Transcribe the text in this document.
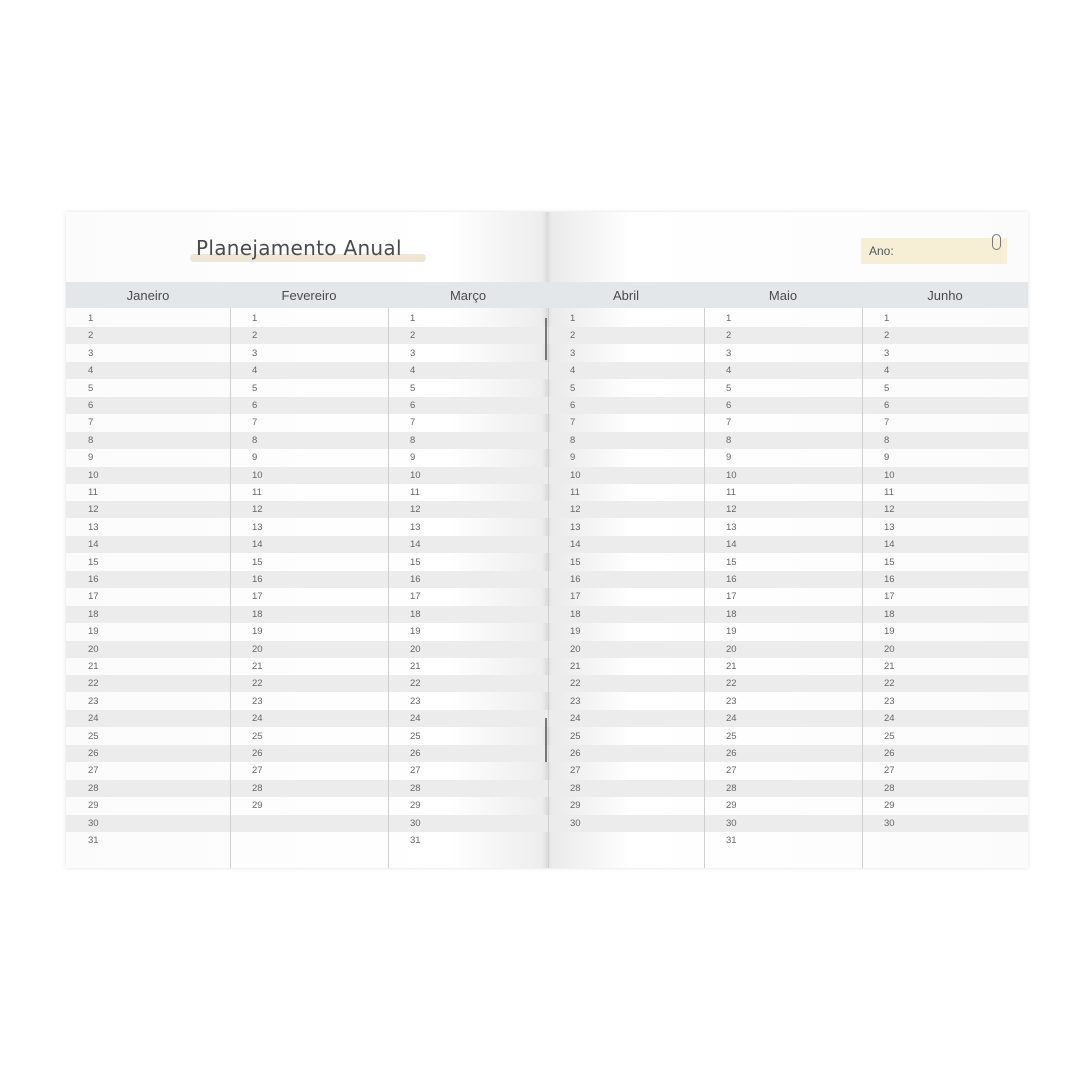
Planejamento Anual	Ano:
Janeiro
1
2
3
4
5
6
7
8
9
10
11
12
13
14
15
16
17
18
19
20
21
22
23
24
25
26
27
28
29
30
31
Fevereiro
1
2
3
4
5
6
7
8
9
10
11
12
13
14
15
16
17
18
19
20
21
22
23
24
25
26
27
28
29
Março
1
2
3
4
5
6
7
8
9
10
11
12
13
14
15
16
17
18
19
20
21
22
23
24
25
26
27
28
29
30
31
Abril
1
2
3
4
5
6
7
8
9
10
11
12
13
14
15
16
17
18
19
20
21
22
23
24
25
26
27
28
29
30
Maio
1
2
3
4
5
6
7
8
9
10
11
12
13
14
15
16
17
18
19
20
21
22
23
24
25
26
27
28
29
30
31
Junho
1
2
3
4
5
6
7
8
9
10
11
12
13
14
15
16
17
18
19
20
21
22
23
24
25
26
27
28
29
30
